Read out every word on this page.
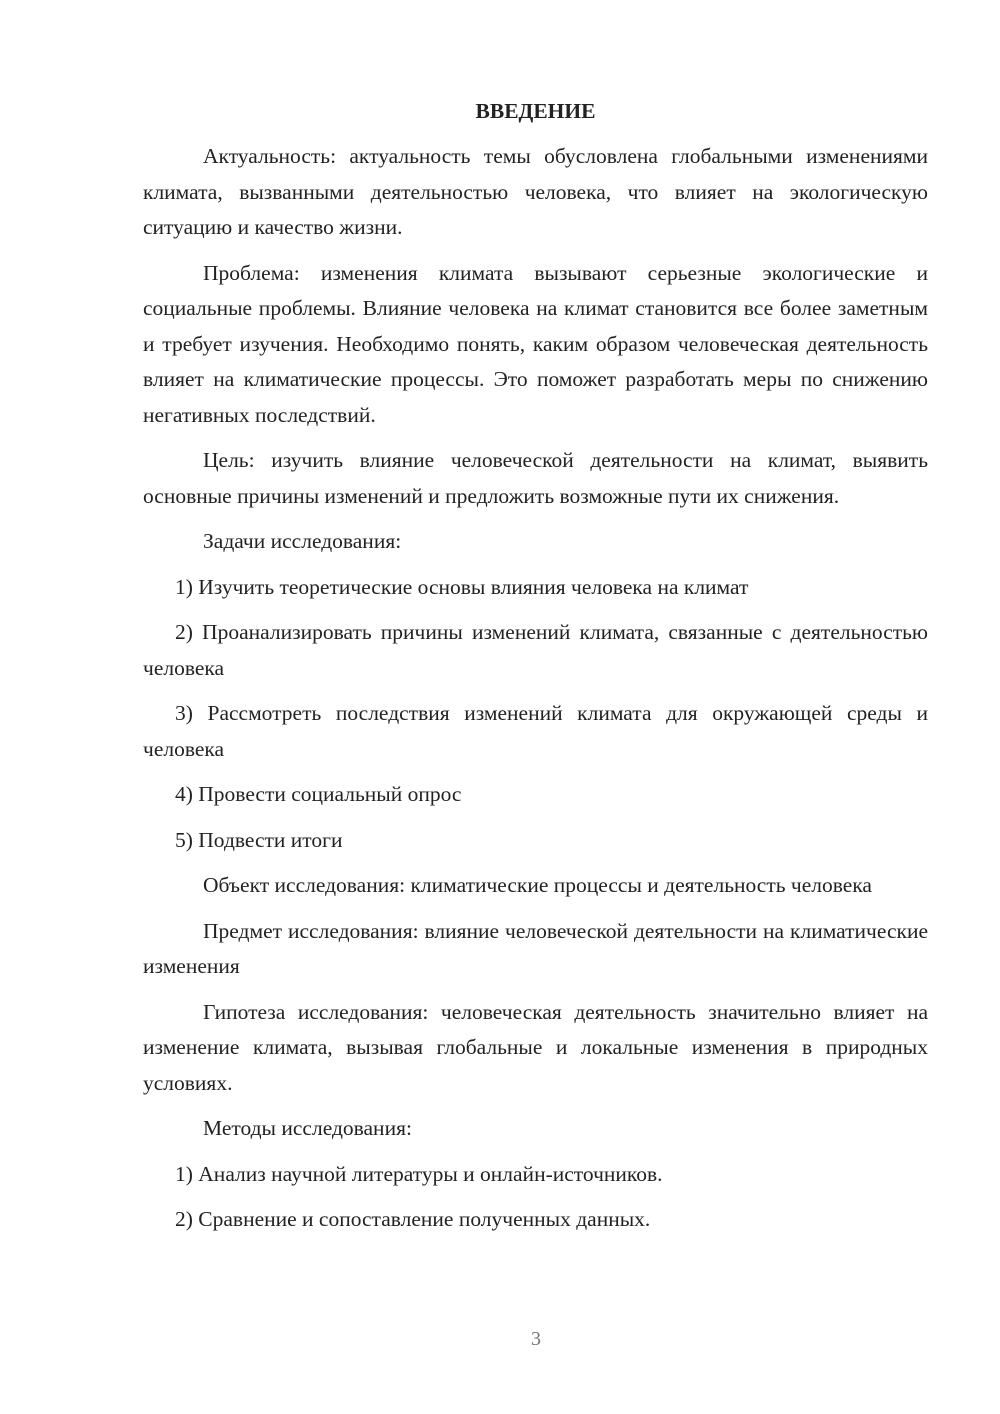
ВВЕДЕНИЕ

Актуальность: актуальность темы обусловлена глобальными изменениями климата, вызванными деятельностью человека, что влияет на экологическую ситуацию и качество жизни.

Проблема: изменения климата вызывают серьезные экологические и социальные проблемы. Влияние человека на климат становится все более заметным и требует изучения. Необходимо понять, каким образом человеческая деятельность влияет на климатические процессы. Это поможет разработать меры по снижению негативных последствий.

Цель: изучить влияние человеческой деятельности на климат, выявить основные причины изменений и предложить возможные пути их снижения.

Задачи исследования:

1) Изучить теоретические основы влияния человека на климат

2) Проанализировать причины изменений климата, связанные с деятельностью человека

3) Рассмотреть последствия изменений климата для окружающей среды и человека

4) Провести социальный опрос

5) Подвести итоги

Объект исследования: климатические процессы и деятельность человека

Предмет исследования: влияние человеческой деятельности на климатические изменения

Гипотеза исследования: человеческая деятельность значительно влияет на изменение климата, вызывая глобальные и локальные изменения в природных условиях.

Методы исследования:

1) Анализ научной литературы и онлайн-источников.

2) Сравнение и сопоставление полученных данных.

3
